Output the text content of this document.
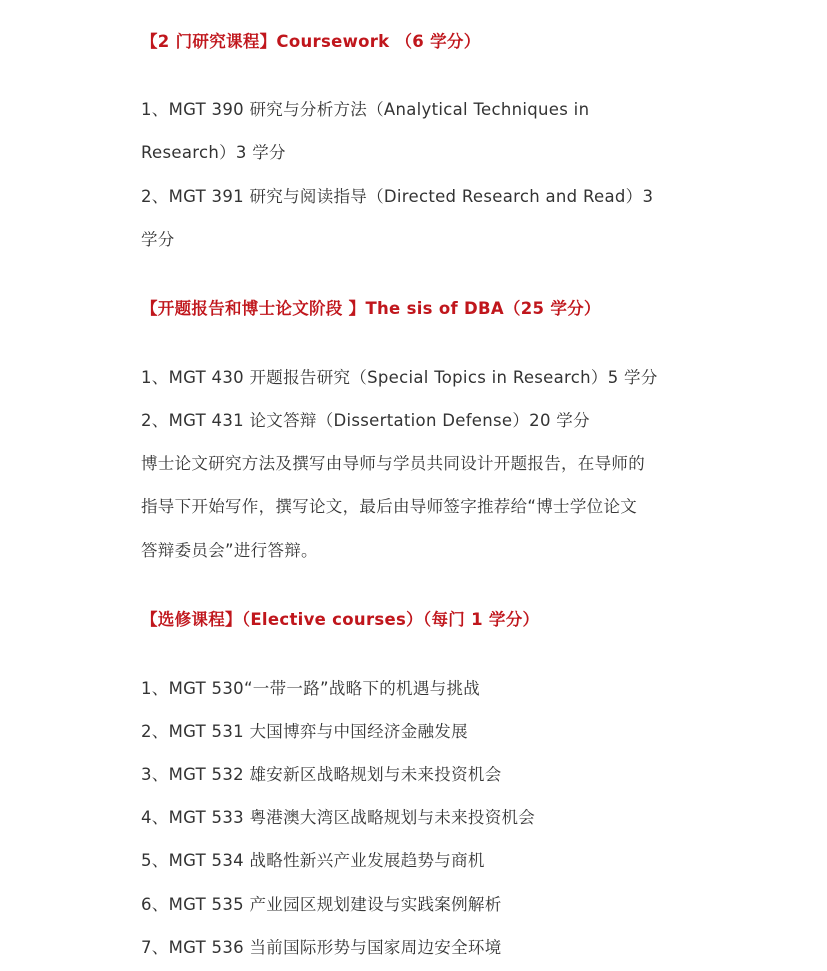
【2 门研究课程】Coursework （6 学分）
1、MGT 390 研究与分析方法（Analytical Techniques in
Research）3 学分
2、MGT 391 研究与阅读指导（Directed Research and Read）3
学分
【开题报告和博士论文阶段 】The sis of DBA（25 学分）
1、MGT 430 开题报告研究（Special Topics in Research）5 学分
2、MGT 431 论文答辩（Dissertation Defense）20 学分
博士论文研究方法及撰写由导师与学员共同设计开题报告，在导师的
指导下开始写作，撰写论文，最后由导师签字推荐给“博士学位论文
答辩委员会”进行答辩。
【选修课程】（Elective courses）（每门 1 学分）
1、MGT 530“一带一路”战略下的机遇与挑战
2、MGT 531 大国博弈与中国经济金融发展
3、MGT 532 雄安新区战略规划与未来投资机会
4、MGT 533 粤港澳大湾区战略规划与未来投资机会
5、MGT 534 战略性新兴产业发展趋势与商机
6、MGT 535 产业园区规划建设与实践案例解析
7、MGT 536 当前国际形势与国家周边安全环境
